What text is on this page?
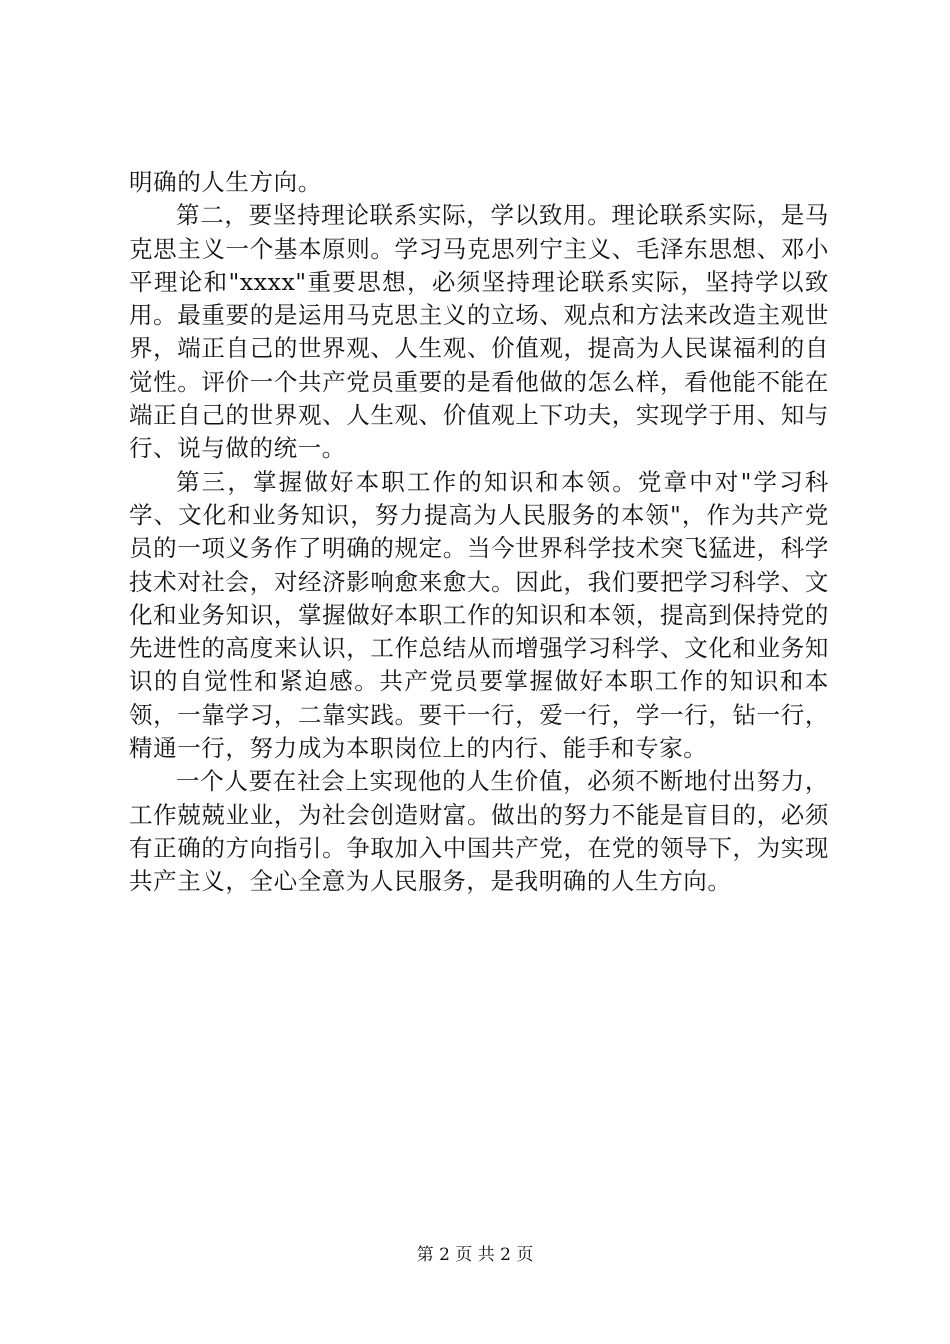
明确的人生方向。

第二，要坚持理论联系实际，学以致用。理论联系实际，是马克思主义一个基本原则。学习马克思列宁主义、毛泽东思想、邓小平理论和"xxxx"重要思想，必须坚持理论联系实际，坚持学以致用。最重要的是运用马克思主义的立场、观点和方法来改造主观世界，端正自己的世界观、人生观、价值观，提高为人民谋福利的自觉性。评价一个共产党员重要的是看他做的怎么样，看他能不能在端正自己的世界观、人生观、价值观上下功夫，实现学于用、知与行、说与做的统一。

第三，掌握做好本职工作的知识和本领。党章中对"学习科学、文化和业务知识，努力提高为人民服务的本领"，作为共产党员的一项义务作了明确的规定。当今世界科学技术突飞猛进，科学技术对社会，对经济影响愈来愈大。因此，我们要把学习科学、文化和业务知识，掌握做好本职工作的知识和本领，提高到保持党的先进性的高度来认识，工作总结从而增强学习科学、文化和业务知识的自觉性和紧迫感。共产党员要掌握做好本职工作的知识和本领，一靠学习，二靠实践。要干一行，爱一行，学一行，钻一行，精通一行，努力成为本职岗位上的内行、能手和专家。

一个人要在社会上实现他的人生价值，必须不断地付出努力，工作兢兢业业，为社会创造财富。做出的努力不能是盲目的，必须有正确的方向指引。争取加入中国共产党，在党的领导下，为实现共产主义，全心全意为人民服务，是我明确的人生方向。

第 2 页 共 2 页
